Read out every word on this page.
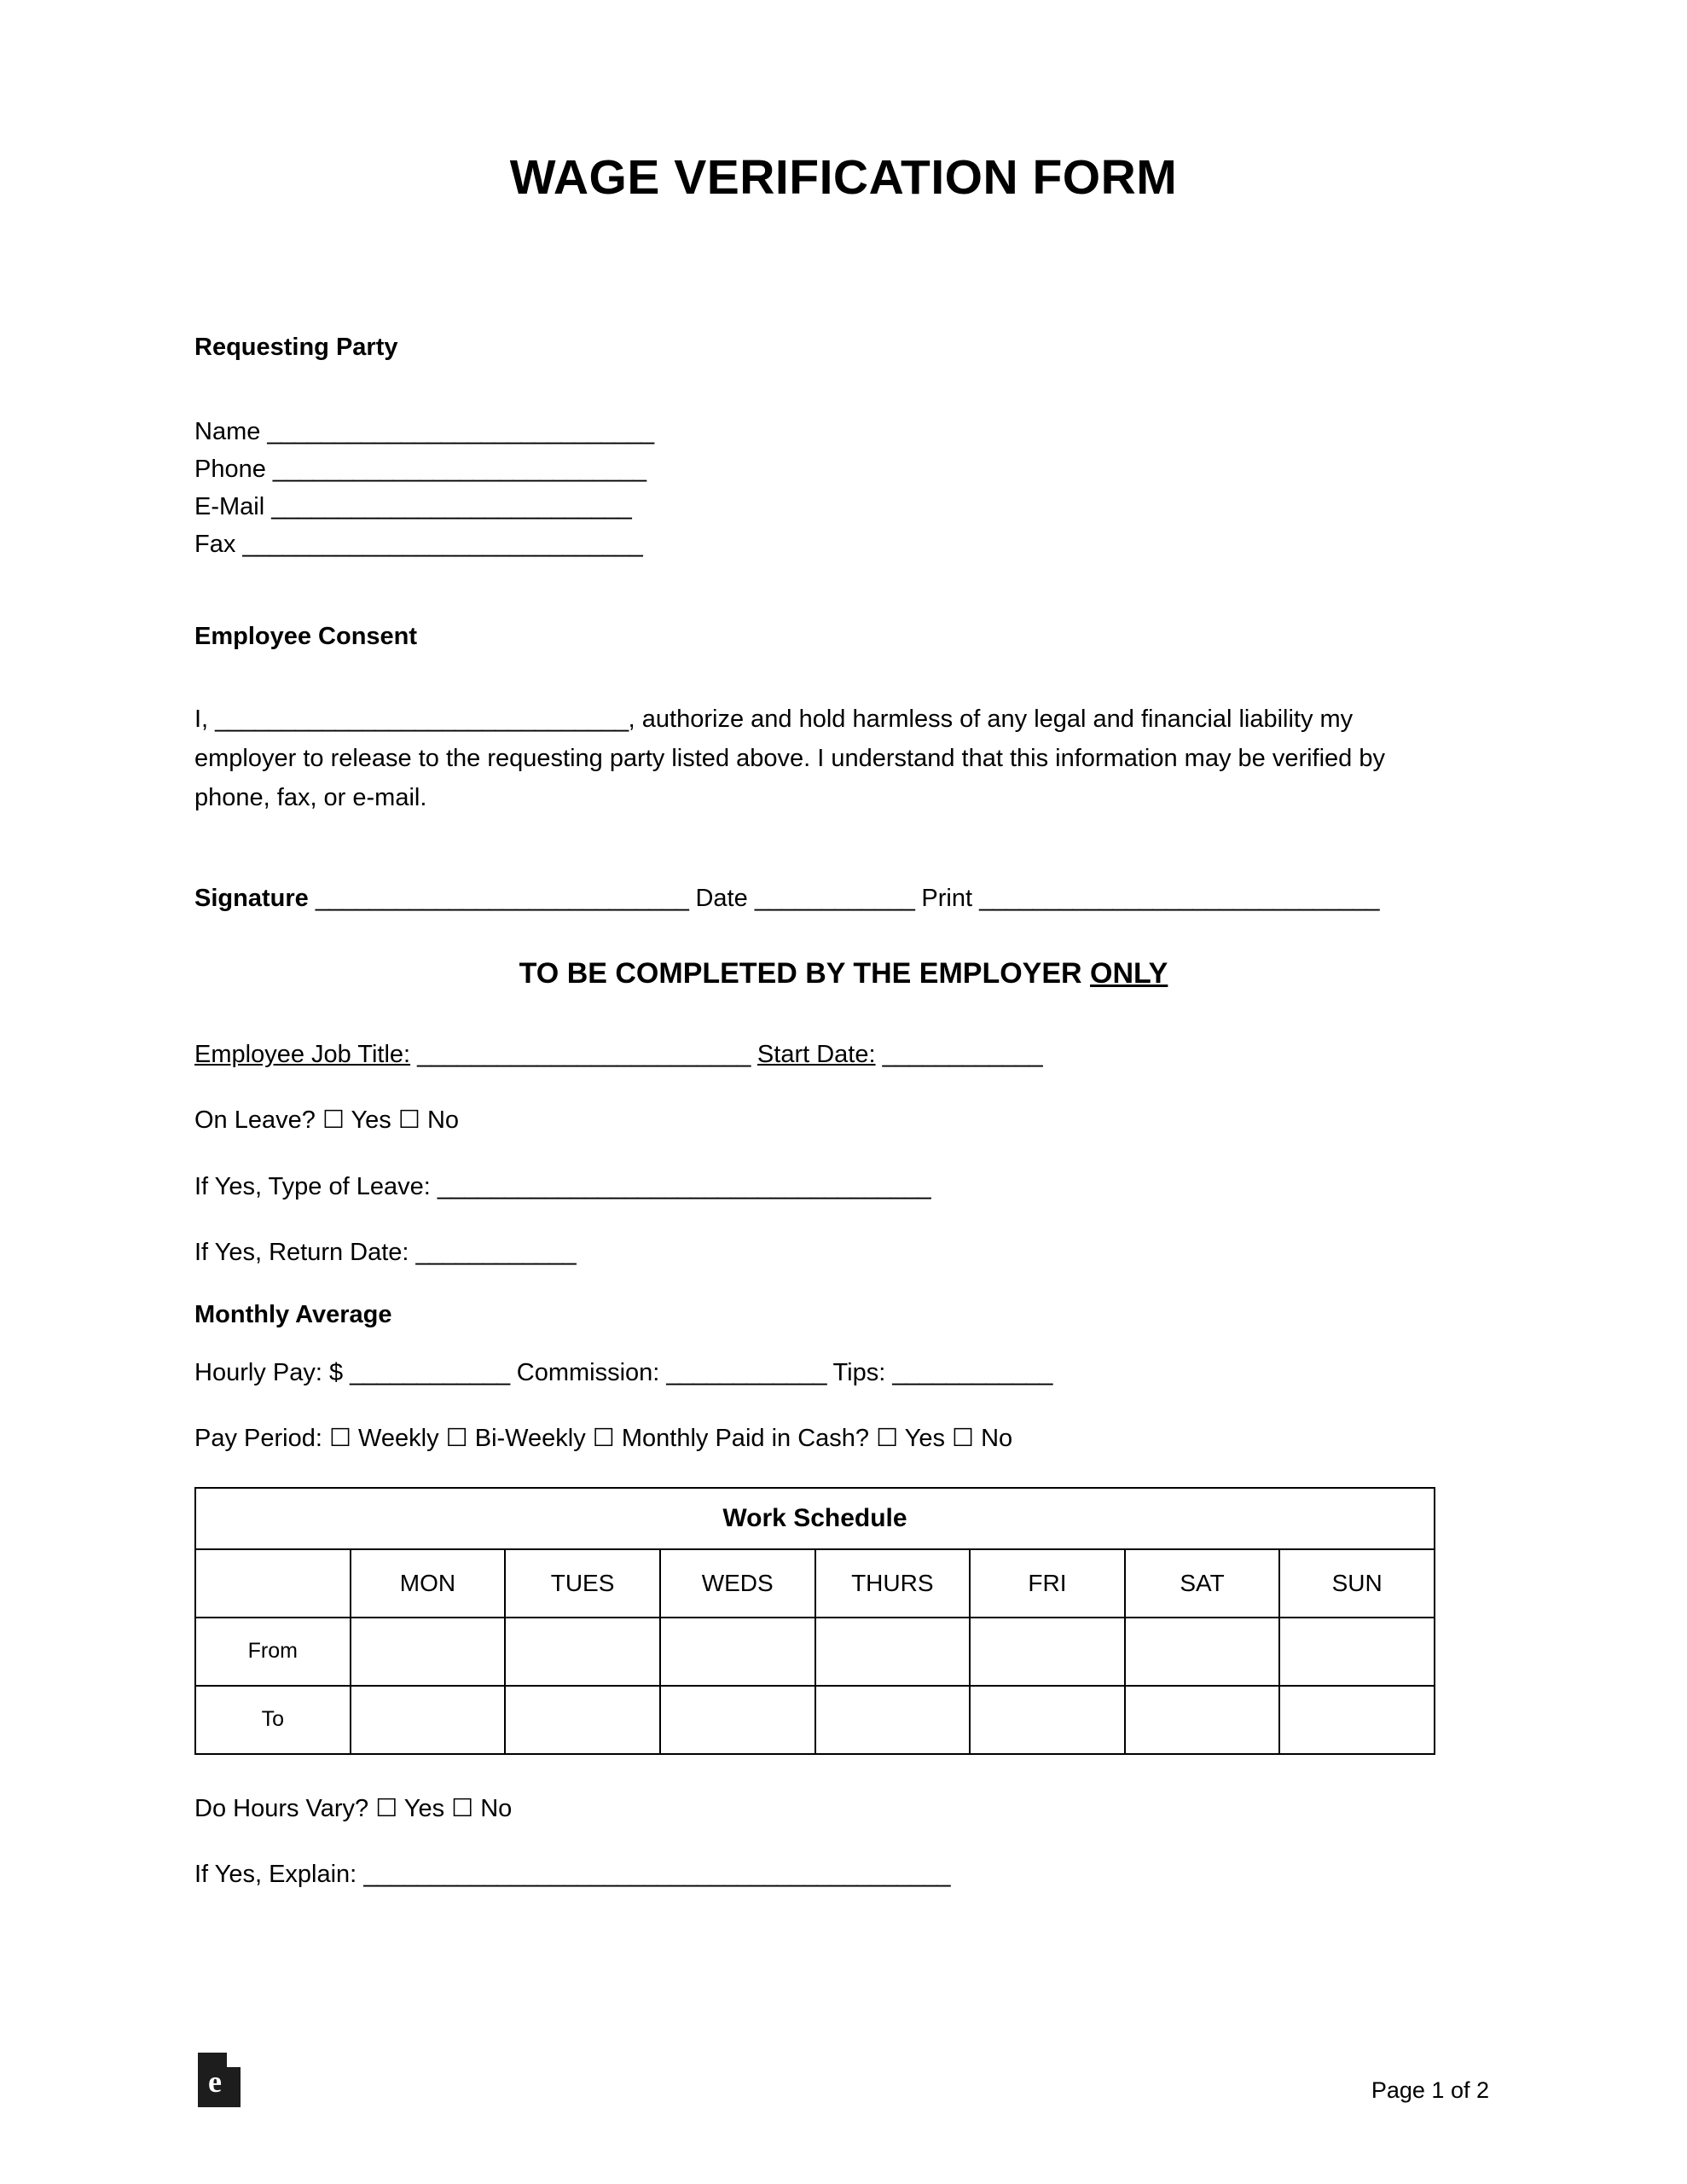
WAGE VERIFICATION FORM
Requesting Party
Name _____________________________
Phone ____________________________
E-Mail ___________________________
Fax ______________________________
Employee Consent

I, _______________________________, authorize and hold harmless of any legal and financial liability my employer to release to the requesting party listed above. I understand that this information may be verified by phone, fax, or e-mail.

Signature ____________________________ Date ____________ Print ______________________________
TO BE COMPLETED BY THE EMPLOYER ONLY
Employee Job Title: _________________________ Start Date: ____________
On Leave? ☐ Yes ☐ No
If Yes, Type of Leave: _____________________________________
If Yes, Return Date: ____________
Monthly Average
Hourly Pay: $ ____________ Commission: ____________ Tips: ____________
Pay Period: ☐ Weekly ☐ Bi-Weekly ☐ Monthly Paid in Cash? ☐ Yes ☐ No
Work Schedule							
	MON	TUES	WEDS	THURS	FRI	SAT	SUN
From							
To							
Do Hours Vary? ☐ Yes ☐ No
If Yes, Explain: ____________________________________________
e	Page 1 of 2
